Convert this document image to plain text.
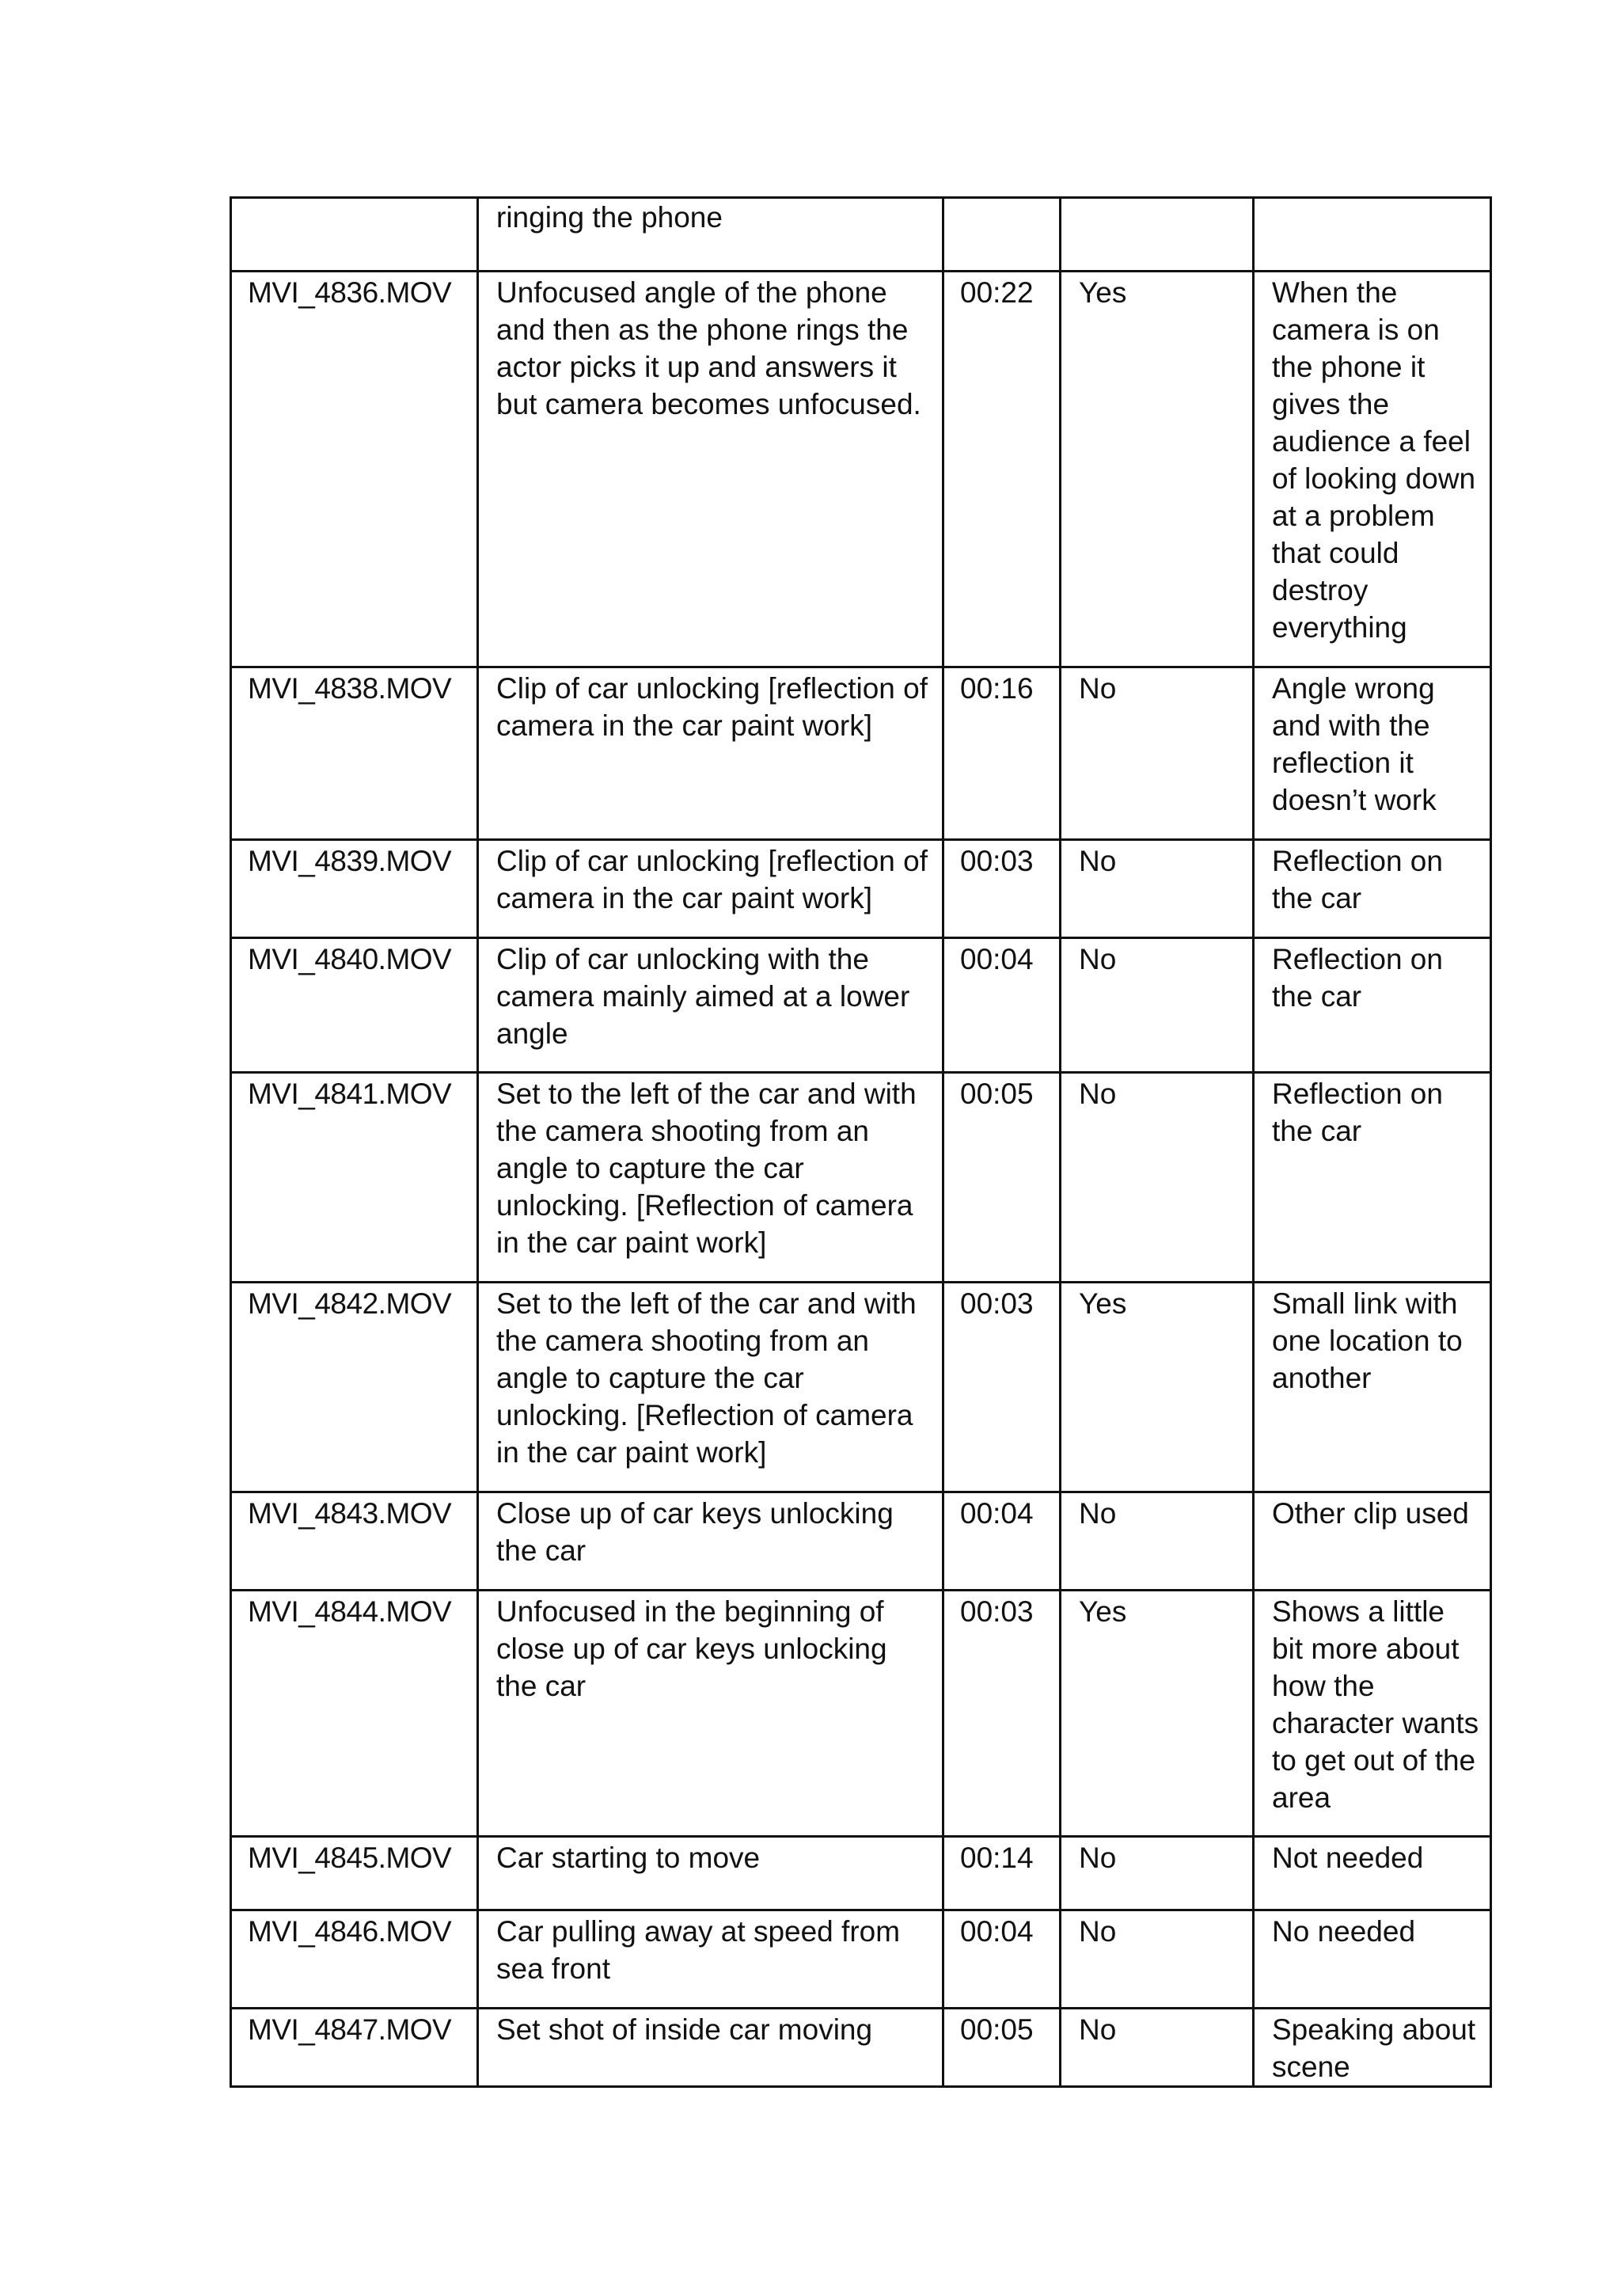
	ringing the phone			
MVI_4836.MOV	Unfocused angle of the phone and then as the phone rings the actor picks it up and answers it but camera becomes unfocused.	00:22	Yes	When the camera is on the phone it gives the audience a feel of looking down at a problem that could destroy everything
MVI_4838.MOV	Clip of car unlocking [reflection of camera in the car paint work]	00:16	No	Angle wrong and with the reflection it doesn’t work
MVI_4839.MOV	Clip of car unlocking [reflection of camera in the car paint work]	00:03	No	Reflection on the car
MVI_4840.MOV	Clip of car unlocking with the camera mainly aimed at a lower angle	00:04	No	Reflection on the car
MVI_4841.MOV	Set to the left of the car and with the camera shooting from an angle to capture the car unlocking. [Reflection of camera in the car paint work]	00:05	No	Reflection on the car
MVI_4842.MOV	Set to the left of the car and with the camera shooting from an angle to capture the car unlocking. [Reflection of camera in the car paint work]	00:03	Yes	Small link with one location to another
MVI_4843.MOV	Close up of car keys unlocking the car	00:04	No	Other clip used
MVI_4844.MOV	Unfocused in the beginning of close up of car keys unlocking the car	00:03	Yes	Shows a little bit more about how the character wants to get out of the area
MVI_4845.MOV	Car starting to move	00:14	No	Not needed
MVI_4846.MOV	Car pulling away at speed from sea front	00:04	No	No needed
MVI_4847.MOV	Set shot of inside car moving	00:05	No	Speaking about scene
